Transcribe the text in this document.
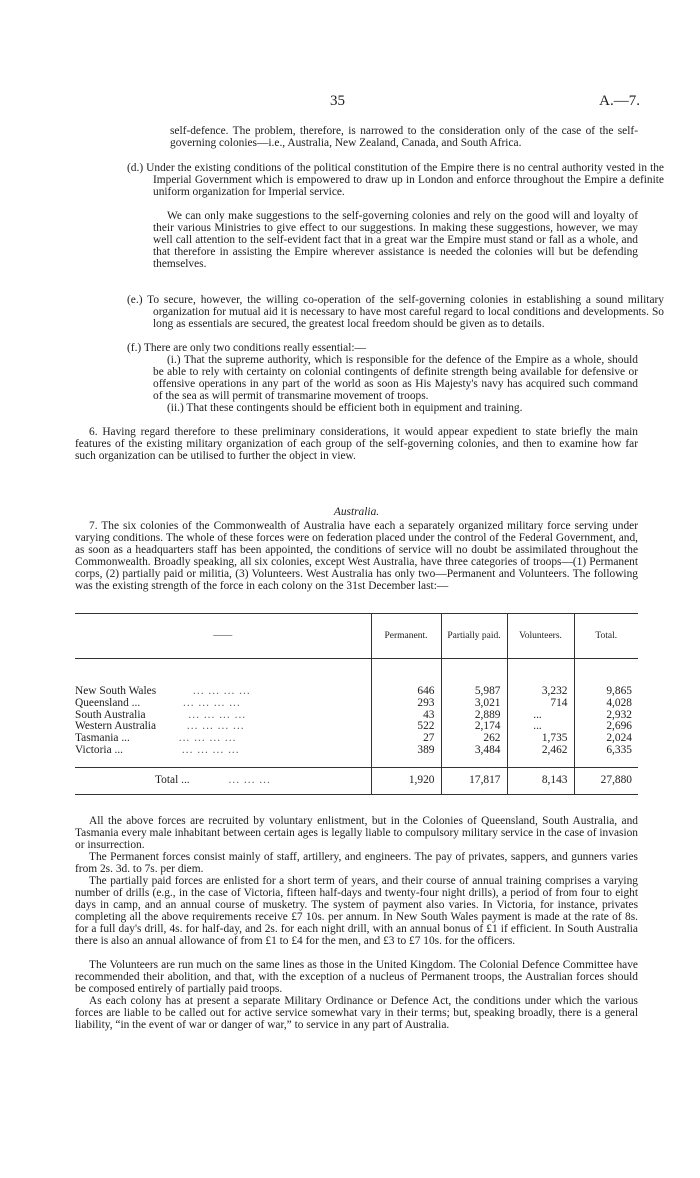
35	A.—7.

self-defence. The problem, therefore, is narrowed to the consideration only of the case of the self-governing colonies—i.e., Australia, New Zealand, Canada, and South Africa.

(d.) Under the existing conditions of the political constitution of the Empire there is no central authority vested in the Imperial Government which is empowered to draw up in London and enforce throughout the Empire a definite uniform organization for Imperial service.

We can only make suggestions to the self-governing colonies and rely on the good will and loyalty of their various Ministries to give effect to our suggestions. In making these suggestions, however, we may well call attention to the self-evident fact that in a great war the Empire must stand or fall as a whole, and that therefore in assisting the Empire wherever assistance is needed the colonies will but be defending themselves.

(e.) To secure, however, the willing co-operation of the self-governing colonies in establishing a sound military organization for mutual aid it is necessary to have most careful regard to local conditions and developments. So long as essentials are secured, the greatest local freedom should be given as to details.

(f.) There are only two conditions really essential:—

(i.) That the supreme authority, which is responsible for the defence of the Empire as a whole, should be able to rely with certainty on colonial contingents of definite strength being available for defensive or offensive operations in any part of the world as soon as His Majesty's navy has acquired such command of the sea as will permit of transmarine movement of troops.

(ii.) That these contingents should be efficient both in equipment and training.

6. Having regard therefore to these preliminary considerations, it would appear expedient to state briefly the main features of the existing military organization of each group of the self-governing colonies, and then to examine how far such organization can be utilised to further the object in view.

Australia.

7. The six colonies of the Commonwealth of Australia have each a separately organized military force serving under varying conditions. The whole of these forces were on federation placed under the control of the Federal Government, and, as soon as a headquarters staff has been appointed, the conditions of service will no doubt be assimilated throughout the Commonwealth. Broadly speaking, all six colonies, except West Australia, have three categories of troops—(1) Permanent corps, (2) partially paid or militia, (3) Volunteers. West Australia has only two—Permanent and Volunteers. The following was the existing strength of the force in each colony on the 31st December last:—

——	Permanent.	Partially paid.	Volunteers.	Total.

New South Wales ... ... ... ...	646	5,987	3,232	9,865
Queensland ... ... ... ... ...	293	3,021	714	4,028
South Australia ... ... ... ...	43	2,889	...	2,932
Western Australia ... ... ... ...	522	2,174	...	2,696
Tasmania ... ... ... ... ...	27	262	1,735	2,024
Victoria ... ... ... ... ...	389	3,484	2,462	6,335

Total ... ... ... ...	1,920	17,817	8,143	27,880

All the above forces are recruited by voluntary enlistment, but in the Colonies of Queensland, South Australia, and Tasmania every male inhabitant between certain ages is legally liable to compulsory military service in the case of invasion or insurrection.

The Permanent forces consist mainly of staff, artillery, and engineers. The pay of privates, sappers, and gunners varies from 2s. 3d. to 7s. per diem.

The partially paid forces are enlisted for a short term of years, and their course of annual training comprises a varying number of drills (e.g., in the case of Victoria, fifteen half-days and twenty-four night drills), a period of from four to eight days in camp, and an annual course of musketry. The system of payment also varies. In Victoria, for instance, privates completing all the above requirements receive £7 10s. per annum. In New South Wales payment is made at the rate of 8s. for a full day's drill, 4s. for half-day, and 2s. for each night drill, with an annual bonus of £1 if efficient. In South Australia there is also an annual allowance of from £1 to £4 for the men, and £3 to £7 10s. for the officers.

The Volunteers are run much on the same lines as those in the United Kingdom. The Colonial Defence Committee have recommended their abolition, and that, with the exception of a nucleus of Permanent troops, the Australian forces should be composed entirely of partially paid troops.

As each colony has at present a separate Military Ordinance or Defence Act, the conditions under which the various forces are liable to be called out for active service somewhat vary in their terms; but, speaking broadly, there is a general liability, “in the event of war or danger of war,” to service in any part of Australia.
